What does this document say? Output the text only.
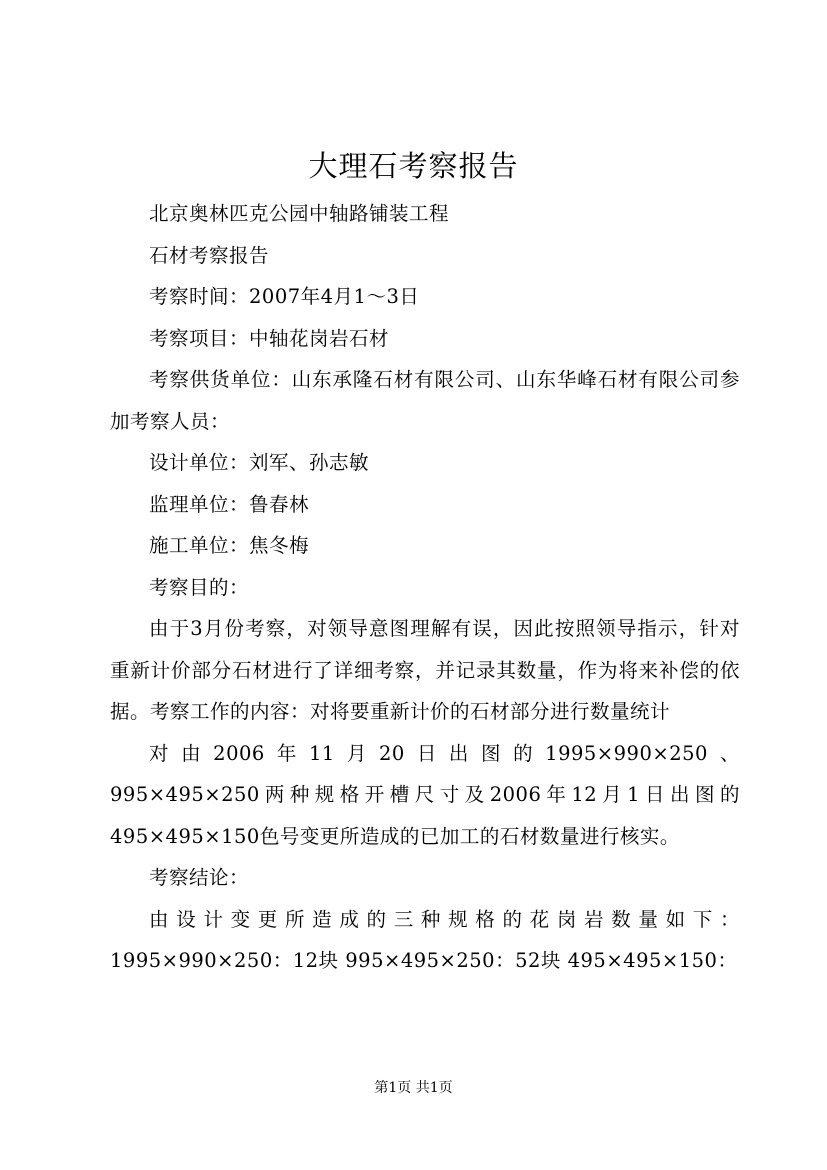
大理石考察报告

北京奥林匹克公园中轴路铺装工程

石材考察报告

考察时间：2007年4月1～3日

考察项目：中轴花岗岩石材

考察供货单位：山东承隆石材有限公司、山东华峰石材有限公司参加考察人员：

设计单位：刘军、孙志敏

监理单位：鲁春林

施工单位：焦冬梅

考察目的：

由于3月份考察，对领导意图理解有误，因此按照领导指示，针对重新计价部分石材进行了详细考察，并记录其数量，作为将来补偿的依据。考察工作的内容：对将要重新计价的石材部分进行数量统计

对由2006年11月20日出图的1995×990×250、995×495×250两种规格开槽尺寸及2006年12月1日出图的495×495×150色号变更所造成的已加工的石材数量进行核实。

考察结论：

由设计变更所造成的三种规格的花岗岩数量如下：

1995×990×250：12块 995×495×250：52块 495×495×150：

第1页 共1页
